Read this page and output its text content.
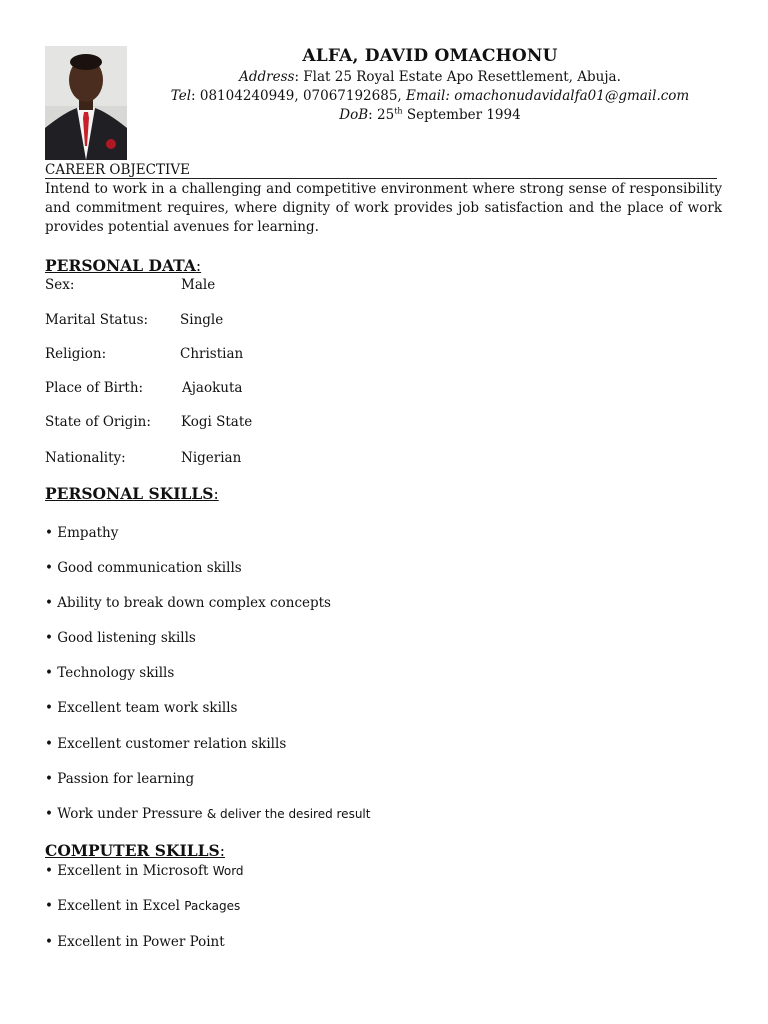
ALFA, DAVID OMACHONU
Address: Flat 25 Royal Estate Apo Resettlement, Abuja.
Tel: 08104240949, 07067192685, Email: omachonudavidalfa01@gmail.com
DoB: 25th September 1994
CAREER OBJECTIVE
Intend to work in a challenging and competitive environment where strong sense of responsibility and commitment requires, where dignity of work provides job satisfaction and the place of work provides potential avenues for learning.
PERSONAL DATA:
Sex:	Male
Marital Status: Single
Religion:	Christian
Place of Birth:	Ajaokuta
State of Origin: Kogi State
Nationality:	Nigerian
PERSONAL SKILLS:
• Empathy
• Good communication skills
• Ability to break down complex concepts
• Good listening skills
• Technology skills
• Excellent team work skills
• Excellent customer relation skills
• Passion for learning
• Work under Pressure & deliver the desired result
COMPUTER SKILLS:
• Excellent in Microsoft Word
• Excellent in Excel Packages
• Excellent in Power Point
